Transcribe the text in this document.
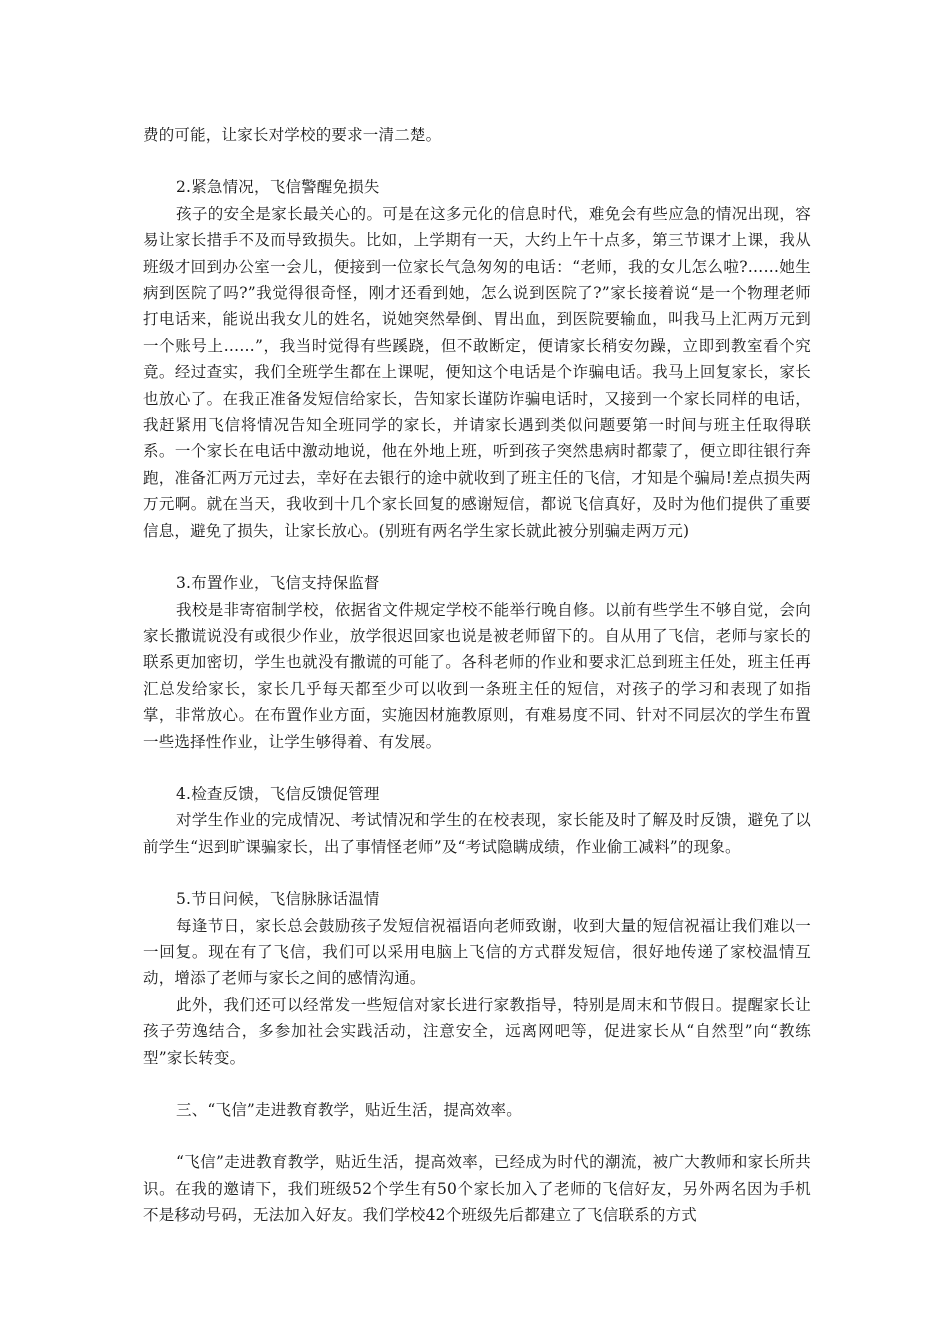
费的可能，让家长对学校的要求一清二楚。

2.紧急情况，飞信警醒免损失

孩子的安全是家长最关心的。可是在这多元化的信息时代，难免会有些应急的情况出现，容易让家长措手不及而导致损失。比如，上学期有一天，大约上午十点多，第三节课才上课，我从班级才回到办公室一会儿，便接到一位家长气急匆匆的电话：“老师，我的女儿怎么啦?……她生病到医院了吗?”我觉得很奇怪，刚才还看到她，怎么说到医院了?”家长接着说“是一个物理老师打电话来，能说出我女儿的姓名，说她突然晕倒、胃出血，到医院要输血，叫我马上汇两万元到一个账号上……”，我当时觉得有些蹊跷，但不敢断定，便请家长稍安勿躁，立即到教室看个究竟。经过查实，我们全班学生都在上课呢，便知这个电话是个诈骗电话。我马上回复家长，家长也放心了。在我正准备发短信给家长，告知家长谨防诈骗电话时，又接到一个家长同样的电话，我赶紧用飞信将情况告知全班同学的家长，并请家长遇到类似问题要第一时间与班主任取得联系。一个家长在电话中激动地说，他在外地上班，听到孩子突然患病时都蒙了，便立即往银行奔跑，准备汇两万元过去，幸好在去银行的途中就收到了班主任的飞信，才知是个骗局!差点损失两万元啊。就在当天，我收到十几个家长回复的感谢短信，都说飞信真好，及时为他们提供了重要信息，避免了损失，让家长放心。(别班有两名学生家长就此被分别骗走两万元)

3.布置作业，飞信支持保监督

我校是非寄宿制学校，依据省文件规定学校不能举行晚自修。以前有些学生不够自觉，会向家长撒谎说没有或很少作业，放学很迟回家也说是被老师留下的。自从用了飞信，老师与家长的联系更加密切，学生也就没有撒谎的可能了。各科老师的作业和要求汇总到班主任处，班主任再汇总发给家长，家长几乎每天都至少可以收到一条班主任的短信，对孩子的学习和表现了如指掌，非常放心。在布置作业方面，实施因材施教原则，有难易度不同、针对不同层次的学生布置一些选择性作业，让学生够得着、有发展。

4.检查反馈，飞信反馈促管理

对学生作业的完成情况、考试情况和学生的在校表现，家长能及时了解及时反馈，避免了以前学生“迟到旷课骗家长，出了事情怪老师”及“考试隐瞒成绩，作业偷工减料”的现象。

5.节日问候，飞信脉脉话温情

每逢节日，家长总会鼓励孩子发短信祝福语向老师致谢，收到大量的短信祝福让我们难以一一回复。现在有了飞信，我们可以采用电脑上飞信的方式群发短信，很好地传递了家校温情互动，增添了老师与家长之间的感情沟通。

此外，我们还可以经常发一些短信对家长进行家教指导，特别是周末和节假日。提醒家长让孩子劳逸结合，多参加社会实践活动，注意安全，远离网吧等，促进家长从“自然型”向“教练型”家长转变。

三、“飞信”走进教育教学，贴近生活，提高效率。

“飞信”走进教育教学，贴近生活，提高效率，已经成为时代的潮流，被广大教师和家长所共识。在我的邀请下，我们班级52个学生有50个家长加入了老师的飞信好友，另外两名因为手机不是移动号码，无法加入好友。我们学校42个班级先后都建立了飞信联系的方式
